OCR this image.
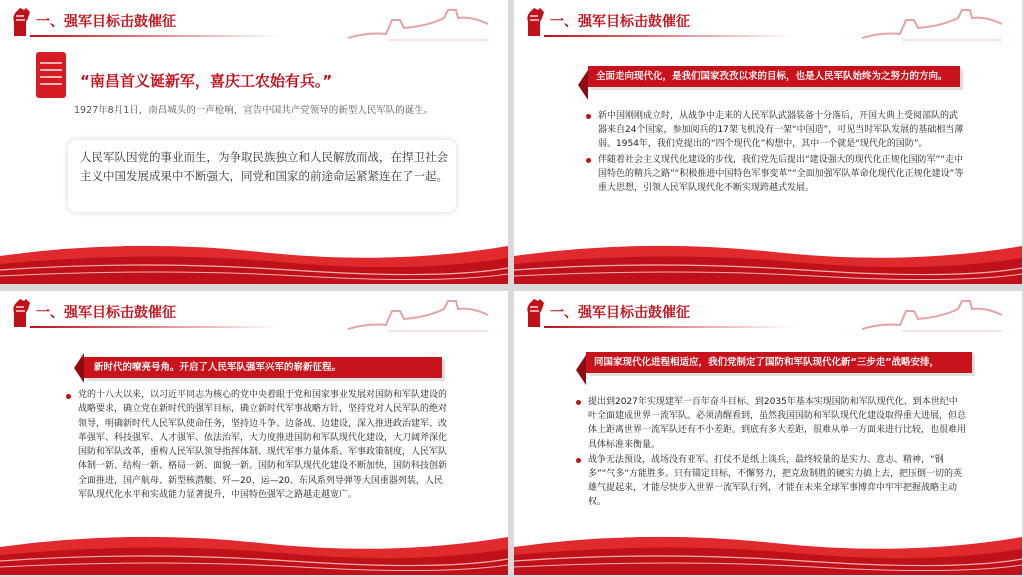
一、强军目标击鼓催征
“南昌首义诞新军，喜庆工农始有兵。”
1927年8月1日，南昌城头的一声枪响，宣告中国共产党领导的新型人民军队的诞生。
人民军队因党的事业而生，为争取民族独立和人民解放而战，在捍卫社会主义中国发展成果中不断强大，同党和国家的前途命运紧紧连在了一起。
一、强军目标击鼓催征
全面走向现代化，是我们国家孜孜以求的目标，也是人民军队始终为之努力的方向。
新中国刚刚成立时，从战争中走来的人民军队武器装备十分落后，开国大典上受阅部队的武器来自24个国家，参加阅兵的17架飞机没有一架“中国造”，可见当时军队发展的基础相当薄弱。1954年，我们党提出的“四个现代化”构想中，其中一个就是“现代化的国防”。
伴随着社会主义现代化建设的步伐，我们党先后提出“建设强大的现代化正规化国防军”“走中国特色的精兵之路”“积极推进中国特色军事变革”“全面加强军队革命化现代化正规化建设”等重大思想，引领人民军队现代化不断实现跨越式发展。
一、强军目标击鼓催征
新时代的嘹亮号角。开启了人民军队强军兴军的崭新征程。
党的十八大以来，以习近平同志为核心的党中央着眼于党和国家事业发展对国防和军队建设的战略要求，确立党在新时代的强军目标，确立新时代军事战略方针，坚持党对人民军队的绝对领导，明确新时代人民军队使命任务，坚持边斗争、边备战、边建设，深入推进政治建军、改革强军、科技强军、人才强军、依法治军，大力度推进国防和军队现代化建设，大刀阔斧深化国防和军队改革，重构人民军队领导指挥体制、现代军事力量体系、军事政策制度，人民军队体制一新、结构一新、格局一新、面貌一新。国防和军队现代化建设不断加快，国防科技创新全面推进，国产航母、新型核潜艇、歼—20、运—20、东风系列导弹等大国重器列装，人民军队现代化水平和实战能力显著提升，中国特色强军之路越走越宽广。
一、强军目标击鼓催征
同国家现代化进程相适应，我们党制定了国防和军队现代化新“三步走”战略安排，
提出到2027年实现建军一百年奋斗目标、到2035年基本实现国防和军队现代化、到本世纪中叶全面建成世界一流军队。必须清醒看到，虽然我国国防和军队现代化建设取得重大进展，但总体上距离世界一流军队还有不小差距。到底有多大差距，很难从单一方面来进行比较，也很难用具体标准来衡量。
战争无法预设，战场没有亚军。打仗不是纸上谈兵，最终较量的是实力、意志、精神，“钢多”“气多”方能胜多。只有锚定目标，不懈努力，把克敌制胜的硬实力搞上去，把压倒一切的英雄气提起来，才能尽快步入世界一流军队行列，才能在未来全球军事博弈中牢牢把握战略主动权。
